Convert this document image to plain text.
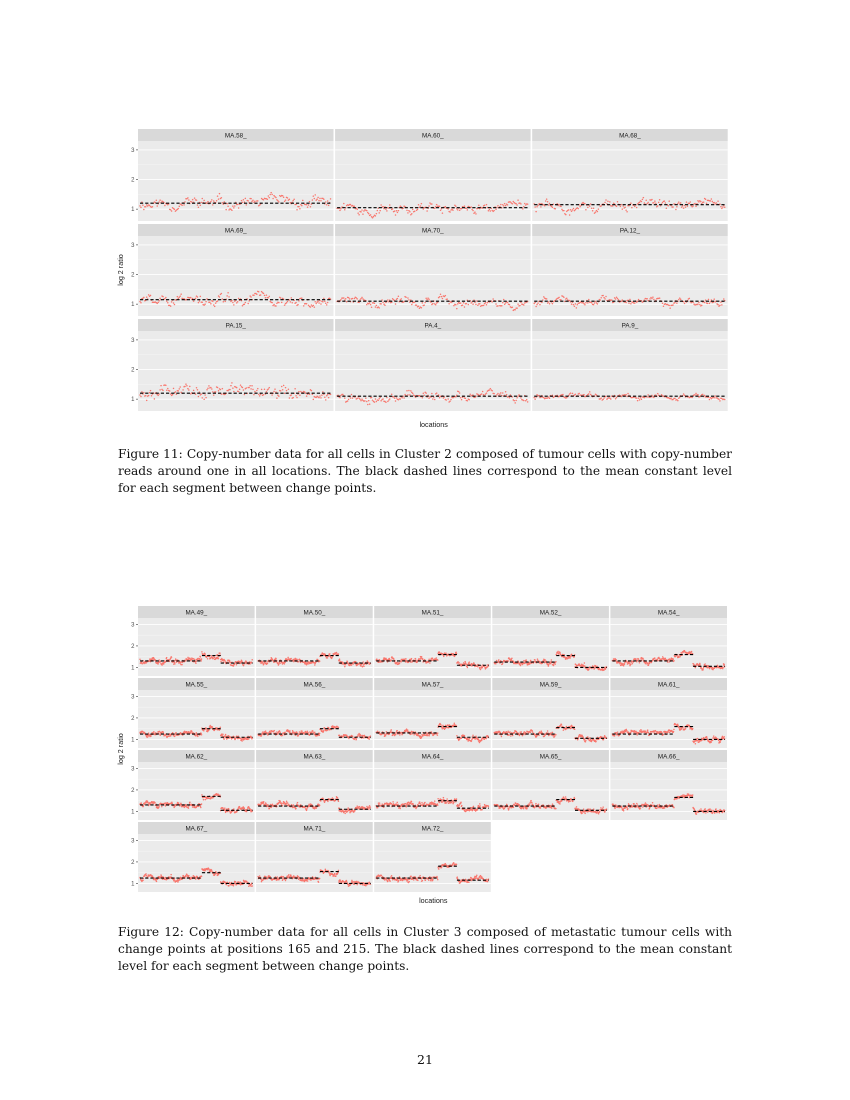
MA.58_
1
2
3
MA.60_	MA.68_
MA.69_
1
2
3
MA.70_	PA.12_
PA.15_
1
2
3
PA.4_	PA.9_
log 2 ratio
locations

Figure 11: Copy-number data for all cells in Cluster 2 composed of tumour cells with copy-number reads around one in all locations. The black dashed lines correspond to the mean constant level for each segment between change points.

MA.49_
1
2
3
MA.50_	MA.51_	MA.52_	MA.54_
MA.55_
1
2
3
MA.56_	MA.57_	MA.59_	MA.61_
MA.62_
1
2
3
MA.63_	MA.64_	MA.65_	MA.66_
MA.67_
1
2
3
MA.71_	MA.72_
log 2 ratio
locations

Figure 12: Copy-number data for all cells in Cluster 3 composed of metastatic tumour cells with change points at positions 165 and 215. The black dashed lines correspond to the mean constant level for each segment between change points.

21
